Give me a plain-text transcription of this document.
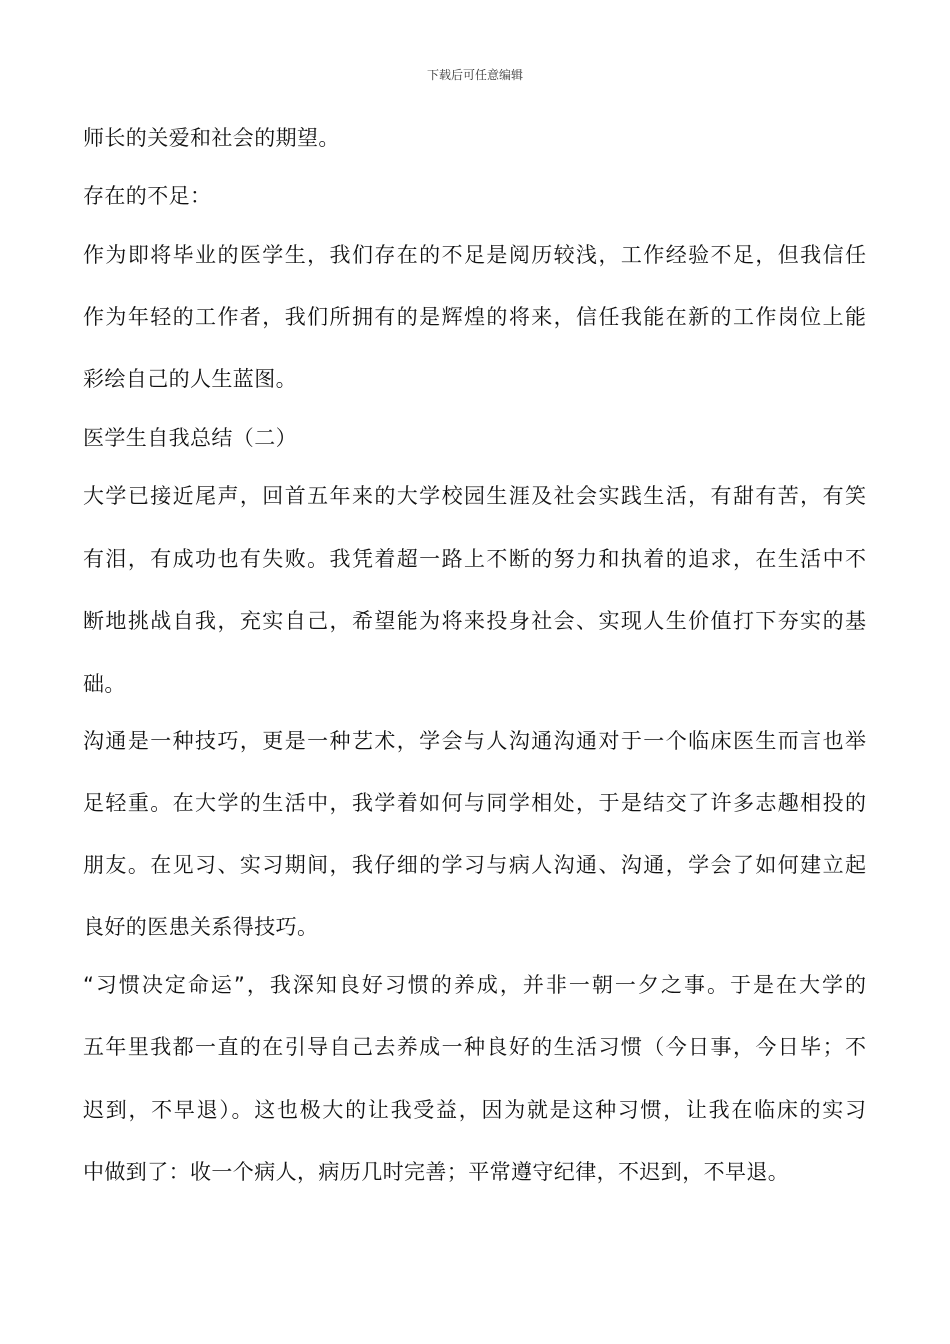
下载后可任意编辑
师长的关爱和社会的期望。
存在的不足：
作为即将毕业的医学生，我们存在的不足是阅历较浅，工作经验不足，但我信任
作为年轻的工作者，我们所拥有的是辉煌的将来，信任我能在新的工作岗位上能
彩绘自己的人生蓝图。
医学生自我总结（二）
大学已接近尾声，回首五年来的大学校园生涯及社会实践生活，有甜有苦，有笑
有泪，有成功也有失败。我凭着超一路上不断的努力和执着的追求，在生活中不
断地挑战自我，充实自己，希望能为将来投身社会、实现人生价值打下夯实的基
础。
沟通是一种技巧，更是一种艺术，学会与人沟通沟通对于一个临床医生而言也举
足轻重。在大学的生活中，我学着如何与同学相处，于是结交了许多志趣相投的
朋友。在见习、实习期间，我仔细的学习与病人沟通、沟通，学会了如何建立起
良好的医患关系得技巧。
“习惯决定命运”，我深知良好习惯的养成，并非一朝一夕之事。于是在大学的
五年里我都一直的在引导自己去养成一种良好的生活习惯（今日事，今日毕；不
迟到，不早退）。这也极大的让我受益，因为就是这种习惯，让我在临床的实习
中做到了：收一个病人，病历几时完善；平常遵守纪律，不迟到，不早退。
